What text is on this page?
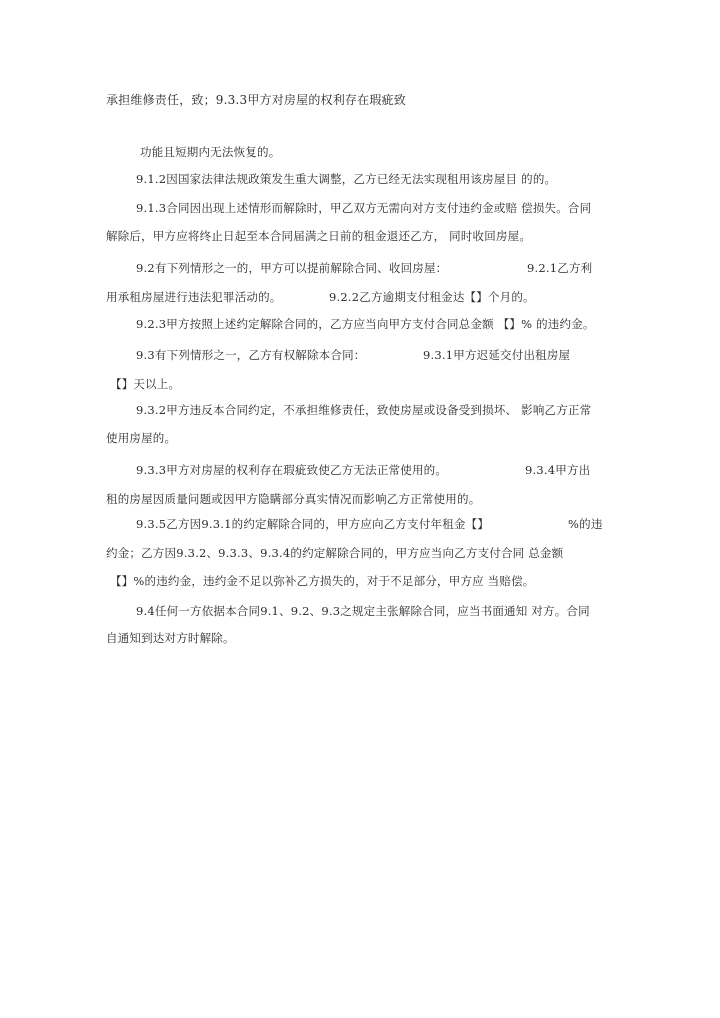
承担维修责任，致；9.3.3甲方对房屋的权利存在瑕疵致
功能且短期内无法恢复的。
9.1.2因国家法律法规政策发生重大调整，乙方已经无法实现租用该房屋目 的的。
9.1.3合同因出现上述情形而解除时，甲乙双方无需向对方支付违约金或赔 偿损失。合同
解除后，甲方应将终止日起至本合同届满之日前的租金退还乙方， 同时收回房屋。
9.2有下列情形之一的，甲方可以提前解除合同、收回房屋：	9.2.1乙方利
用承租房屋进行违法犯罪活动的。	9.2.2乙方逾期支付租金达【】个月的。
9.2.3甲方按照上述约定解除合同的，乙方应当向甲方支付合同总金额 【】% 的违约金。
9.3有下列情形之一，乙方有权解除本合同：	9.3.1甲方迟延交付出租房屋
【】天以上。
9.3.2甲方违反本合同约定，不承担维修责任，致使房屋或设备受到损坏、 影响乙方正常
使用房屋的。
9.3.3甲方对房屋的权利存在瑕疵致使乙方无法正常使用的。	9.3.4甲方出
租的房屋因质量问题或因甲方隐瞒部分真实情况而影响乙方正常使用的。
9.3.5乙方因9.3.1的约定解除合同的，甲方应向乙方支付年租金【】	%的违
约金；乙方因9.3.2、9.3.3、9.3.4的约定解除合同的，甲方应当向乙方支付合同 总金额
【】%的违约金，违约金不足以弥补乙方损失的，对于不足部分，甲方应 当赔偿。
9.4任何一方依据本合同9.1、9.2、9.3之规定主张解除合同，应当书面通知 对方。合同
自通知到达对方时解除。
